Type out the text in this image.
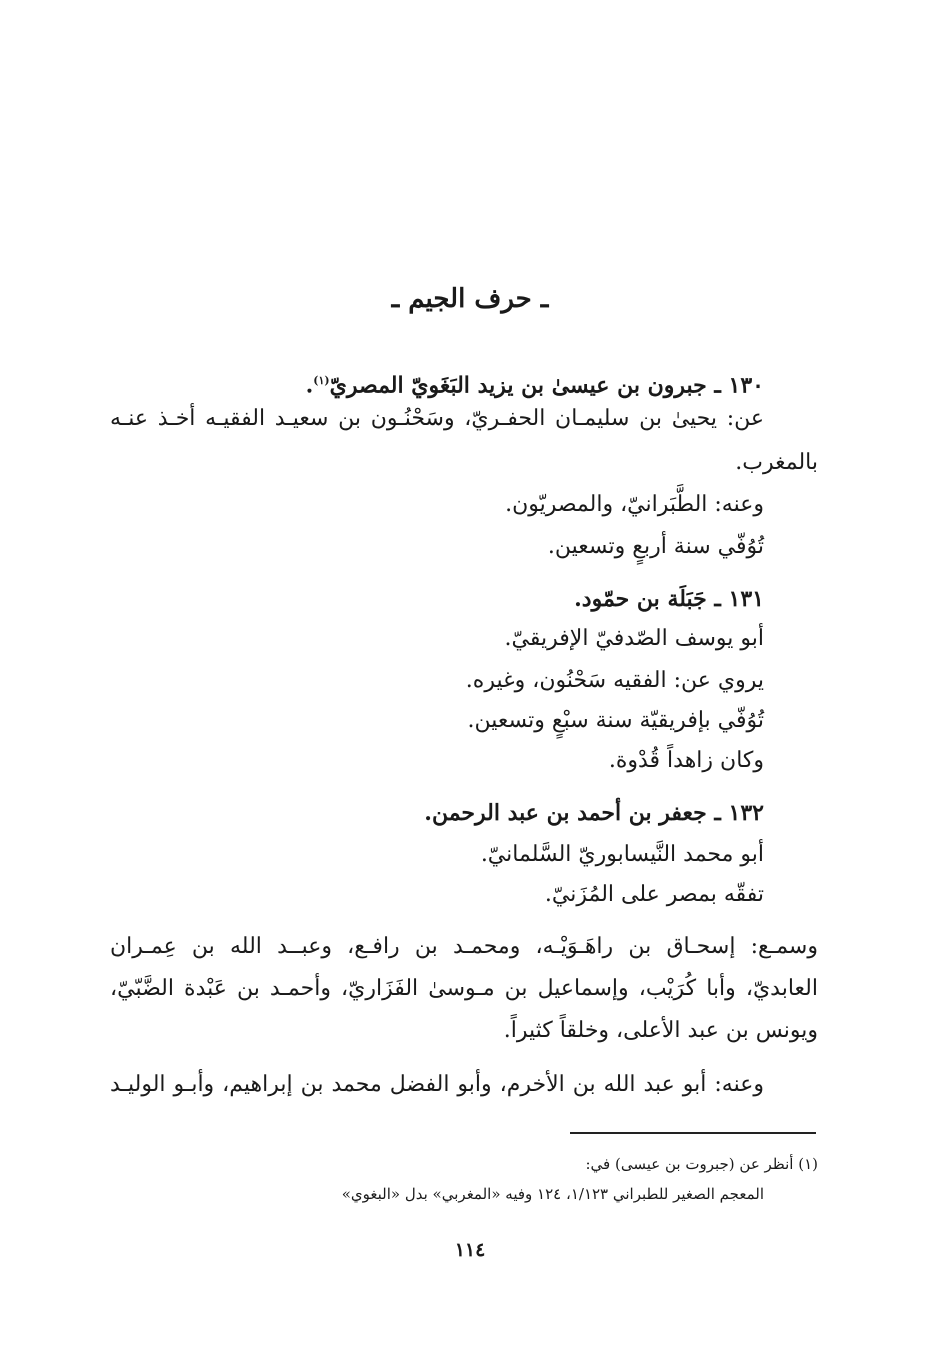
ـ حرف الجيم ـ
١٣٠ ـ جبرون بن عيسىٰ بن يزيد البَغَويّ المصريّ$^{(١)}$.
عن: يحيىٰ بن سليمـان الحفـريّ، وسَحْنُـون بن سعيـد الفقيـه أخـذ عنـه
بالمغرب.
وعنه: الطَّبَرانيّ، والمصريّون.
تُوُفّي سنة أربعٍ وتسعين.
١٣١ ـ جَبَلَة بن حمّود.
أبو يوسف الصّدفيّ الإفريقيّ.
يروي عن: الفقيه سَحْنُون، وغيره.
تُوُفّي بإفريقيّة سنة سبْعٍ وتسعين.
وكان زاهداً قُدْوة.
١٣٢ ـ جعفر بن أحمد بن عبد الرحمن.
أبو محمد النَّيسابوريّ السَّلمانيّ.
تفقّه بمصر على المُزَنيّ.
وسمـع: إسحـاق بن راهَـوَيْـه، ومحمـد بن رافـع، وعبــد الله بن عِمـران
العابديّ، وأبا كُرَيْب، وإسماعيل بن مـوسىٰ الفَزَاريّ، وأحمـد بن عَبْدة الضَّبّيّ،
ويونس بن عبد الأعلى، وخلقاً كثيراً.
وعنه: أبو عبد الله بن الأخرم، وأبو الفضل محمد بن إبراهيم، وأبـو الوليـد
(١) أنظر عن (جبروت بن عيسى) في:
المعجم الصغير للطبراني ١/١٢٣، ١٢٤ وفيه «المغربي» بدل «البغوي»
١١٤
